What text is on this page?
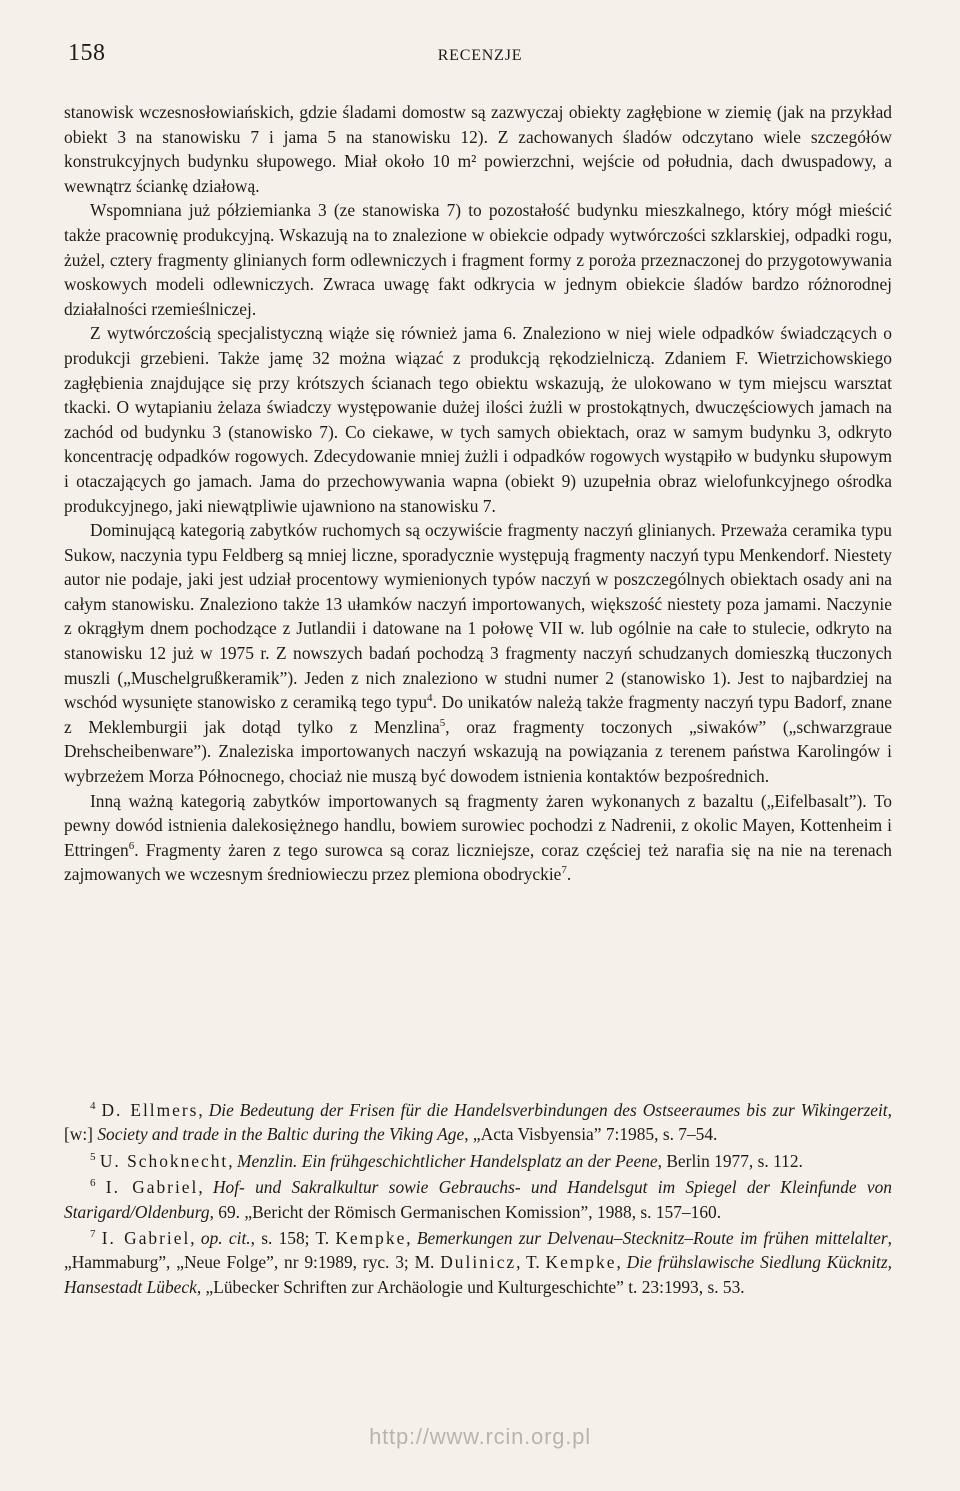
158	RECENZJE

stanowisk wczesnosłowiańskich, gdzie śladami domostw są zazwyczaj obiekty zagłębione w ziemię (jak na przykład obiekt 3 na stanowisku 7 i jama 5 na stanowisku 12). Z zachowanych śladów odczytano wiele szczegółów konstrukcyjnych budynku słupowego. Miał około 10 m² powierzchni, wejście od południa, dach dwuspadowy, a wewnątrz ściankę działową.

Wspomniana już półziemianka 3 (ze stanowiska 7) to pozostałość budynku mieszkalnego, który mógł mieścić także pracownię produkcyjną. Wskazują na to znalezione w obiekcie odpady wytwórczości szklarskiej, odpadki rogu, żużel, cztery fragmenty glinianych form odlewniczych i fragment formy z poroża przeznaczonej do przygotowywania woskowych modeli odlewniczych. Zwraca uwagę fakt odkrycia w jednym obiekcie śladów bardzo różnorodnej działalności rzemieślniczej.

Z wytwórczością specjalistyczną wiąże się również jama 6. Znaleziono w niej wiele odpadków świadczących o produkcji grzebieni. Także jamę 32 można wiązać z produkcją rękodzielniczą. Zdaniem F. Wietrzichowskiego zagłębienia znajdujące się przy krótszych ścianach tego obiektu wskazują, że ulokowano w tym miejscu warsztat tkacki. O wytapianiu żelaza świadczy występowanie dużej ilości żużli w prostokątnych, dwuczęściowych jamach na zachód od budynku 3 (stanowisko 7). Co ciekawe, w tych samych obiektach, oraz w samym budynku 3, odkryto koncentrację odpadków rogowych. Zdecydowanie mniej żużli i odpadków rogowych wystąpiło w budynku słupowym i otaczających go jamach. Jama do przechowywania wapna (obiekt 9) uzupełnia obraz wielofunkcyjnego ośrodka produkcyjnego, jaki niewątpliwie ujawniono na stanowisku 7.

Dominującą kategorią zabytków ruchomych są oczywiście fragmenty naczyń glinianych. Przeważa ceramika typu Sukow, naczynia typu Feldberg są mniej liczne, sporadycznie występują fragmenty naczyń typu Menkendorf. Niestety autor nie podaje, jaki jest udział procentowy wymienionych typów naczyń w poszczególnych obiektach osady ani na całym stanowisku. Znaleziono także 13 ułamków naczyń importowanych, większość niestety poza jamami. Naczynie z okrągłym dnem pochodzące z Jutlandii i datowane na 1 połowę VII w. lub ogólnie na całe to stulecie, odkryto na stanowisku 12 już w 1975 r. Z nowszych badań pochodzą 3 fragmenty naczyń schudzanych domieszką tłuczonych muszli („Muschelgrußkeramik”). Jeden z nich znaleziono w studni numer 2 (stanowisko 1). Jest to najbardziej na wschód wysunięte stanowisko z ceramiką tego typu$^4$. Do unikatów należą także fragmenty naczyń typu Badorf, znane z Meklemburgii jak dotąd tylko z Menzlina$^5$, oraz fragmenty toczonych „siwaków” („schwarzgraue Drehscheibenware”). Znaleziska importowanych naczyń wskazują na powiązania z terenem państwa Karolingów i wybrzeżem Morza Północnego, chociaż nie muszą być dowodem istnienia kontaktów bezpośrednich.

Inną ważną kategorią zabytków importowanych są fragmenty żaren wykonanych z bazaltu („Eifelbasalt”). To pewny dowód istnienia dalekosiężnego handlu, bowiem surowiec pochodzi z Nadrenii, z okolic Mayen, Kottenheim i Ettringen$^6$. Fragmenty żaren z tego surowca są coraz liczniejsze, coraz częściej też narafia się na nie na terenach zajmowanych we wczesnym średniowieczu przez plemiona obodryckie$^7$.

$^4$ D. Ellmers, Die Bedeutung der Frisen für die Handelsverbindungen des Ostseeraumes bis zur Wikingerzeit, [w:] Society and trade in the Baltic during the Viking Age, „Acta Visbyensia” 7:1985, s. 7–54.

$^5$ U. Schoknecht, Menzlin. Ein frühgeschichtlicher Handelsplatz an der Peene, Berlin 1977, s. 112.

$^6$ I. Gabriel, Hof- und Sakralkultur sowie Gebrauchs- und Handelsgut im Spiegel der Kleinfunde von Starigard/Oldenburg, 69. „Bericht der Römisch Germanischen Komission”, 1988, s. 157–160.

$^7$ I. Gabriel, op. cit., s. 158; T. Kempke, Bemerkungen zur Delvenau–Stecknitz–Route im frühen mittelalter, „Hammaburg”, „Neue Folge”, nr 9:1989, ryc. 3; M. Dulinicz, T. Kempke, Die frühslawische Siedlung Kücknitz, Hansestadt Lübeck, „Lübecker Schriften zur Archäologie und Kulturgeschichte” t. 23:1993, s. 53.

http://www.rcin.org.pl
